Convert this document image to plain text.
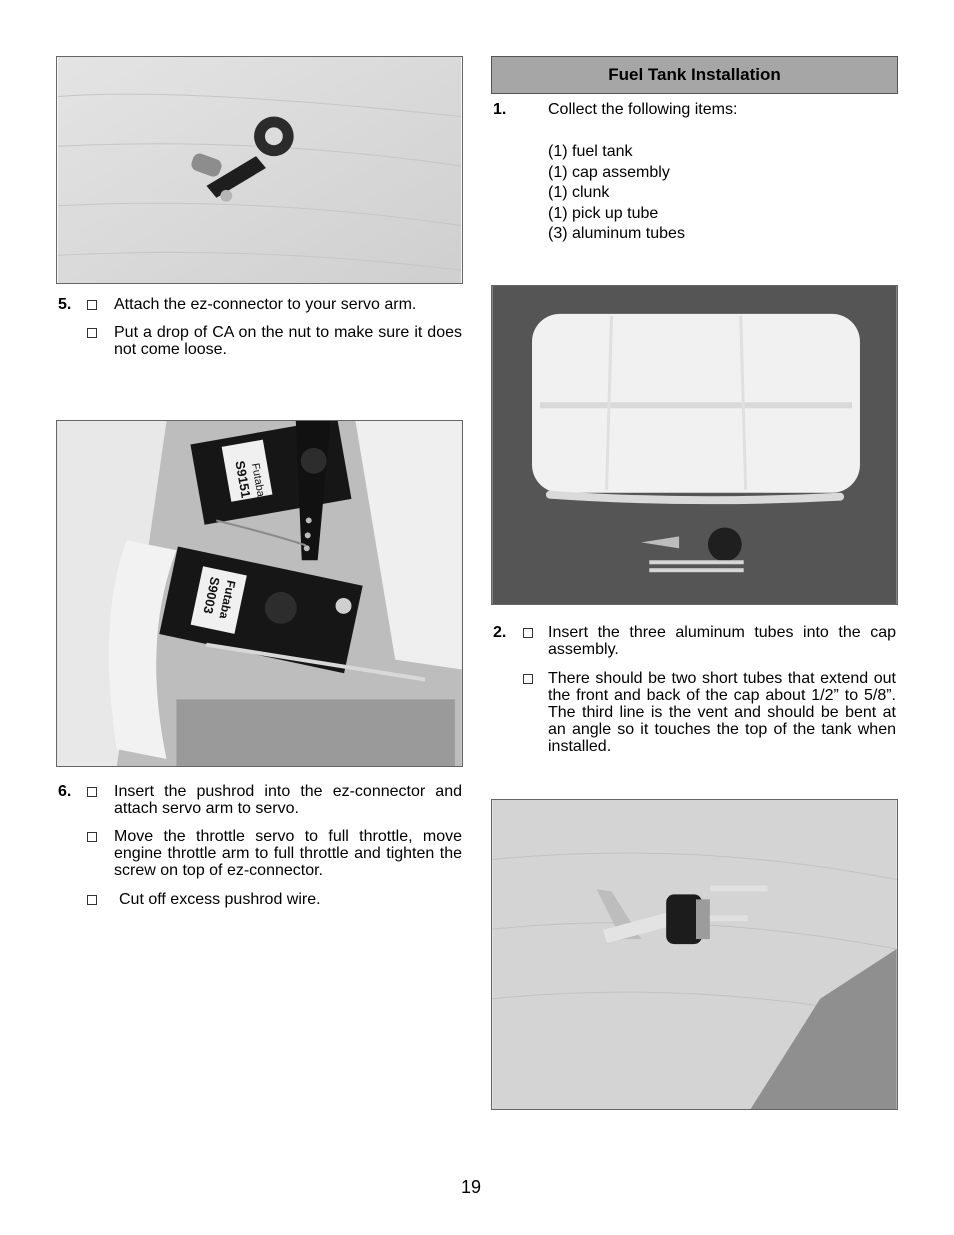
5.	Attach the ez-connector to your servo arm.
Put a drop of CA on the nut to make sure it does not come loose.
Futaba
S9151
Futaba
S9003
6.	Insert the pushrod into the ez-connector and attach servo arm to servo.
Move the throttle servo to full throttle, move engine throttle arm to full throttle and tighten the screw on top of ez-connector.
Cut off excess pushrod wire.
Fuel Tank Installation
1.	Collect the following items:
(1) fuel tank
(1) cap assembly
(1) clunk
(1) pick up tube
(3) aluminum tubes
2.	Insert the three aluminum tubes into the cap assembly.
There should be two short tubes that extend out the front and back of the cap about 1/2” to 5/8”. The third line is the vent and should be bent at an angle so it touches the top of the tank when installed.
19
